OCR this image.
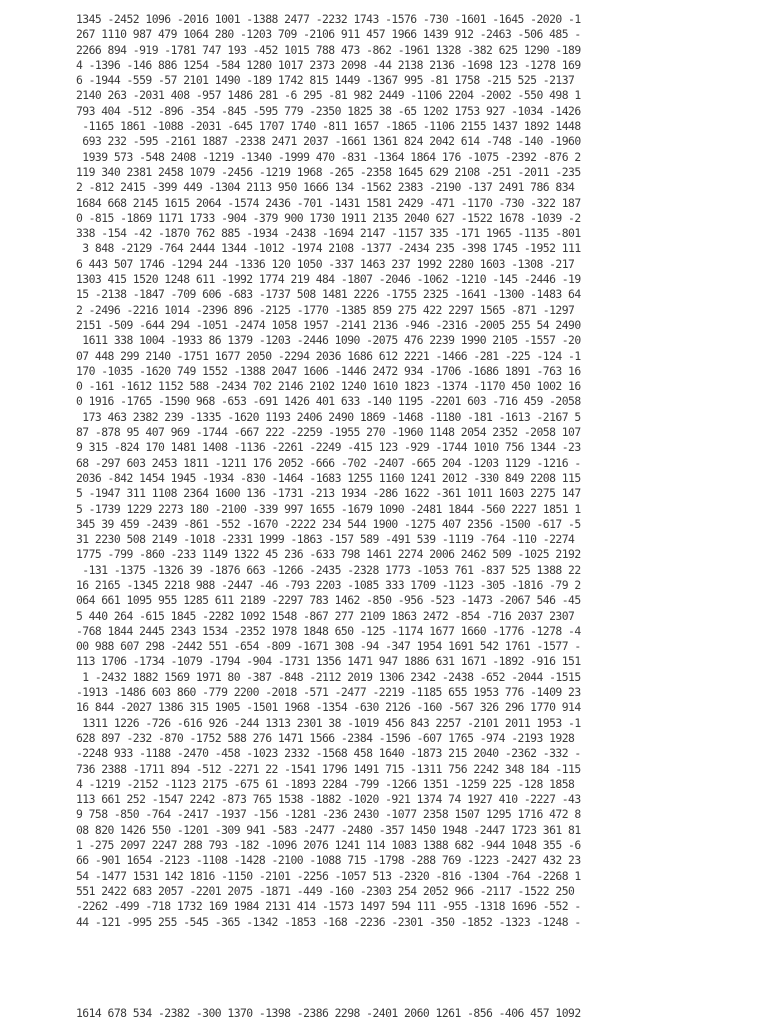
1345 -2452 1096 -2016 1001 -1388 2477 -2232 1743 -1576 -730 -1601 -1645 -2020 -1
267 1110 987 479 1064 280 -1203 709 -2106 911 457 1966 1439 912 -2463 -506 485 -
2266 894 -919 -1781 747 193 -452 1015 788 473 -862 -1961 1328 -382 625 1290 -189
4 -1396 -146 886 1254 -584 1280 1017 2373 2098 -44 2138 2136 -1698 123 -1278 169
6 -1944 -559 -57 2101 1490 -189 1742 815 1449 -1367 995 -81 1758 -215 525 -2137
2140 263 -2031 408 -957 1486 281 -6 295 -81 982 2449 -1106 2204 -2002 -550 498 1
793 404 -512 -896 -354 -845 -595 779 -2350 1825 38 -65 1202 1753 927 -1034 -1426
-1165 1861 -1088 -2031 -645 1707 1740 -811 1657 -1865 -1106 2155 1437 1892 1448
693 232 -595 -2161 1887 -2338 2471 2037 -1661 1361 824 2042 614 -748 -140 -1960
1939 573 -548 2408 -1219 -1340 -1999 470 -831 -1364 1864 176 -1075 -2392 -876 2
119 340 2381 2458 1079 -2456 -1219 1968 -265 -2358 1645 629 2108 -251 -2011 -235
2 -812 2415 -399 449 -1304 2113 950 1666 134 -1562 2383 -2190 -137 2491 786 834
1684 668 2145 1615 2064 -1574 2436 -701 -1431 1581 2429 -471 -1170 -730 -322 187
0 -815 -1869 1171 1733 -904 -379 900 1730 1911 2135 2040 627 -1522 1678 -1039 -2
338 -154 -42 -1870 762 885 -1934 -2438 -1694 2147 -1157 335 -171 1965 -1135 -801
3 848 -2129 -764 2444 1344 -1012 -1974 2108 -1377 -2434 235 -398 1745 -1952 111
6 443 507 1746 -1294 244 -1336 120 1050 -337 1463 237 1992 2280 1603 -1308 -217
1303 415 1520 1248 611 -1992 1774 219 484 -1807 -2046 -1062 -1210 -145 -2446 -19
15 -2138 -1847 -709 606 -683 -1737 508 1481 2226 -1755 2325 -1641 -1300 -1483 64
2 -2496 -2216 1014 -2396 896 -2125 -1770 -1385 859 275 422 2297 1565 -871 -1297
2151 -509 -644 294 -1051 -2474 1058 1957 -2141 2136 -946 -2316 -2005 255 54 2490
1611 338 1004 -1933 86 1379 -1203 -2446 1090 -2075 476 2239 1990 2105 -1557 -20
07 448 299 2140 -1751 1677 2050 -2294 2036 1686 612 2221 -1466 -281 -225 -124 -1
170 -1035 -1620 749 1552 -1388 2047 1606 -1446 2472 934 -1706 -1686 1891 -763 16
0 -161 -1612 1152 588 -2434 702 2146 2102 1240 1610 1823 -1374 -1170 450 1002 16
0 1916 -1765 -1590 968 -653 -691 1426 401 633 -140 1195 -2201 603 -716 459 -2058
173 463 2382 239 -1335 -1620 1193 2406 2490 1869 -1468 -1180 -181 -1613 -2167 5
87 -878 95 407 969 -1744 -667 222 -2259 -1955 270 -1960 1148 2054 2352 -2058 107
9 315 -824 170 1481 1408 -1136 -2261 -2249 -415 123 -929 -1744 1010 756 1344 -23
68 -297 603 2453 1811 -1211 176 2052 -666 -702 -2407 -665 204 -1203 1129 -1216 -
2036 -842 1454 1945 -1934 -830 -1464 -1683 1255 1160 1241 2012 -330 849 2208 115
5 -1947 311 1108 2364 1600 136 -1731 -213 1934 -286 1622 -361 1011 1603 2275 147
5 -1739 1229 2273 180 -2100 -339 997 1655 -1679 1090 -2481 1844 -560 2227 1851 1
345 39 459 -2439 -861 -552 -1670 -2222 234 544 1900 -1275 407 2356 -1500 -617 -5
31 2230 508 2149 -1018 -2331 1999 -1863 -157 589 -491 539 -1119 -764 -110 -2274
1775 -799 -860 -233 1149 1322 45 236 -633 798 1461 2274 2006 2462 509 -1025 2192
-131 -1375 -1326 39 -1876 663 -1266 -2435 -2328 1773 -1053 761 -837 525 1388 22
16 2165 -1345 2218 988 -2447 -46 -793 2203 -1085 333 1709 -1123 -305 -1816 -79 2
064 661 1095 955 1285 611 2189 -2297 783 1462 -850 -956 -523 -1473 -2067 546 -45
5 440 264 -615 1845 -2282 1092 1548 -867 277 2109 1863 2472 -854 -716 2037 2307
-768 1844 2445 2343 1534 -2352 1978 1848 650 -125 -1174 1677 1660 -1776 -1278 -4
00 988 607 298 -2442 551 -654 -809 -1671 308 -94 -347 1954 1691 542 1761 -1577 -
113 1706 -1734 -1079 -1794 -904 -1731 1356 1471 947 1886 631 1671 -1892 -916 151
1 -2432 1882 1569 1971 80 -387 -848 -2112 2019 1306 2342 -2438 -652 -2044 -1515
-1913 -1486 603 860 -779 2200 -2018 -571 -2477 -2219 -1185 655 1953 776 -1409 23
16 844 -2027 1386 315 1905 -1501 1968 -1354 -630 2126 -160 -567 326 296 1770 914
1311 1226 -726 -616 926 -244 1313 2301 38 -1019 456 843 2257 -2101 2011 1953 -1
628 897 -232 -870 -1752 588 276 1471 1566 -2384 -1596 -607 1765 -974 -2193 1928
-2248 933 -1188 -2470 -458 -1023 2332 -1568 458 1640 -1873 215 2040 -2362 -332 -
736 2388 -1711 894 -512 -2271 22 -1541 1796 1491 715 -1311 756 2242 348 184 -115
4 -1219 -2152 -1123 2175 -675 61 -1893 2284 -799 -1266 1351 -1259 225 -128 1858
113 661 252 -1547 2242 -873 765 1538 -1882 -1020 -921 1374 74 1927 410 -2227 -43
9 758 -850 -764 -2417 -1937 -156 -1281 -236 2430 -1077 2358 1507 1295 1716 472 8
08 820 1426 550 -1201 -309 941 -583 -2477 -2480 -357 1450 1948 -2447 1723 361 81
1 -275 2097 2247 288 793 -182 -1096 2076 1241 114 1083 1388 682 -944 1048 355 -6
66 -901 1654 -2123 -1108 -1428 -2100 -1088 715 -1798 -288 769 -1223 -2427 432 23
54 -1477 1531 142 1816 -1150 -2101 -2256 -1057 513 -2320 -816 -1304 -764 -2268 1
551 2422 683 2057 -2201 2075 -1871 -449 -160 -2303 254 2052 966 -2117 -1522 250
-2262 -499 -718 1732 169 1984 2131 414 -1573 1497 594 111 -955 -1318 1696 -552 -
44 -121 -995 255 -545 -365 -1342 -1853 -168 -2236 -2301 -350 -1852 -1323 -1248 -
1614 678 534 -2382 -300 1370 -1398 -2386 2298 -2401 2060 1261 -856 -406 457 1092
